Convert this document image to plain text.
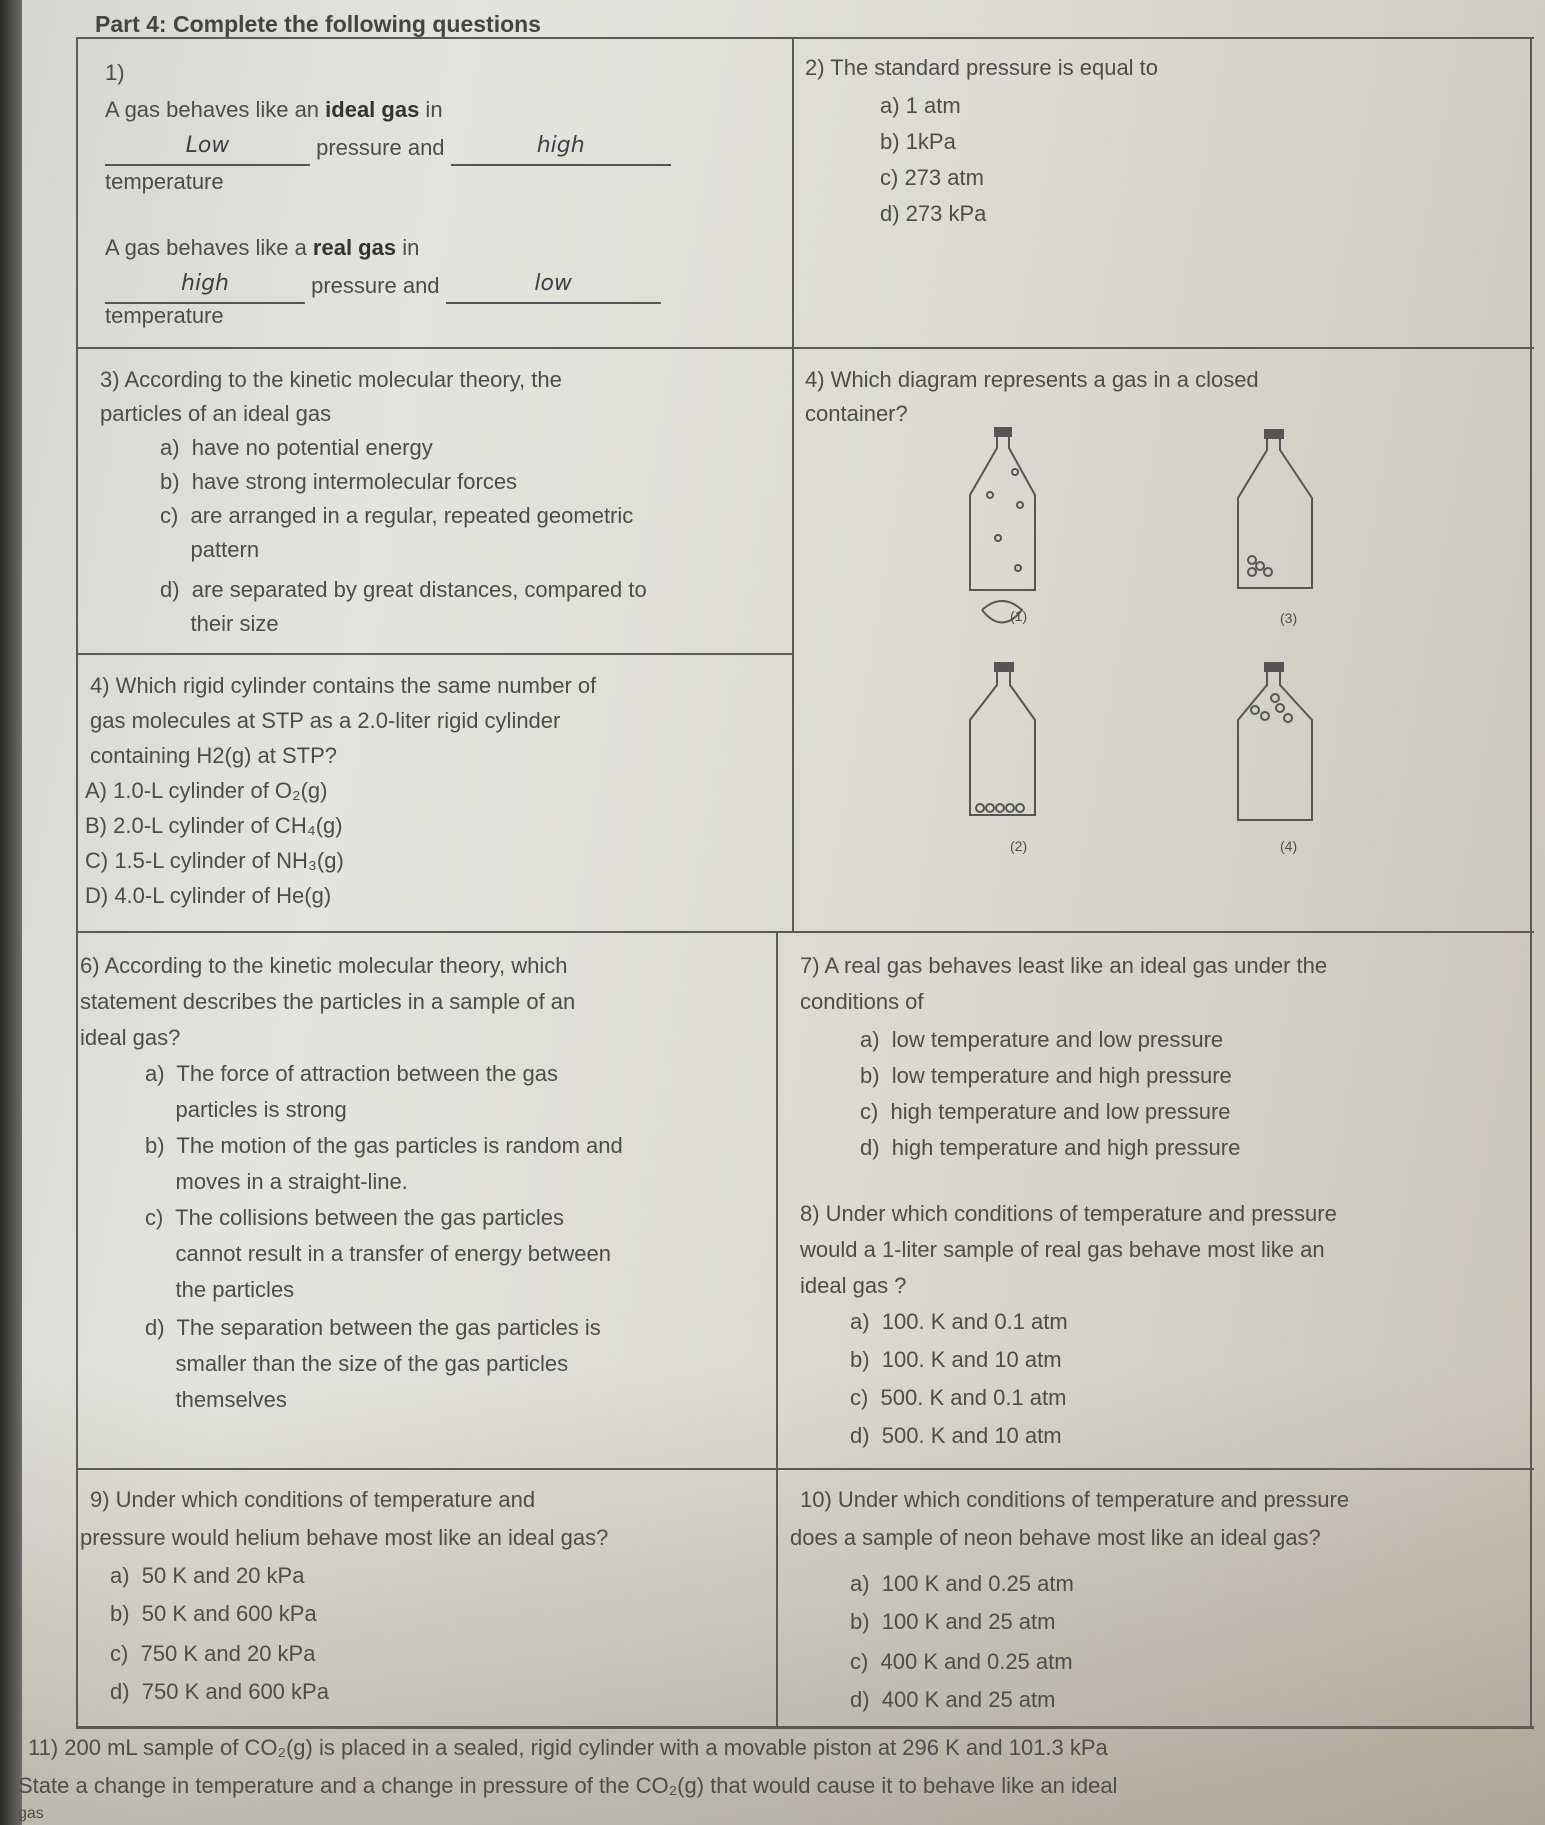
Part 4: Complete the following questions
1)
A gas behaves like an ideal gas in
Low	pressure and	high
temperature
A gas behaves like a real gas in
high	pressure and	low
temperature
2) The standard pressure is equal to
a) 1 atm
b) 1kPa
c) 273 atm
d) 273 kPa
3) According to the kinetic molecular theory, the
particles of an ideal gas
a)  have no potential energy
b)  have strong intermolecular forces
c)  are arranged in a regular, repeated geometric
pattern
d)  are separated by great distances, compared to
their size
4) Which diagram represents a gas in a closed
container?
(1)
(2)
(3)
(4)
4) Which rigid cylinder contains the same number of
gas molecules at STP as a 2.0-liter rigid cylinder
containing H2(g) at STP?
A) 1.0-L cylinder of O₂(g)
B) 2.0-L cylinder of CH₄(g)
C) 1.5-L cylinder of NH₃(g)
D) 4.0-L cylinder of He(g)
6) According to the kinetic molecular theory, which
statement describes the particles in a sample of an
ideal gas?
a)  The force of attraction between the gas
particles is strong
b)  The motion of the gas particles is random and
moves in a straight-line.
c)  The collisions between the gas particles
cannot result in a transfer of energy between
the particles
d)  The separation between the gas particles is
smaller than the size of the gas particles
themselves
7) A real gas behaves least like an ideal gas under the
conditions of
a)  low temperature and low pressure
b)  low temperature and high pressure
c)  high temperature and low pressure
d)  high temperature and high pressure
8) Under which conditions of temperature and pressure
would a 1-liter sample of real gas behave most like an
ideal gas ?
a)  100. K and 0.1 atm
b)  100. K and 10 atm
c)  500. K and 0.1 atm
d)  500. K and 10 atm
9) Under which conditions of temperature and
pressure would helium behave most like an ideal gas?
a)  50 K and 20 kPa
b)  50 K and 600 kPa
c)  750 K and 20 kPa
d)  750 K and 600 kPa
10) Under which conditions of temperature and pressure
does a sample of neon behave most like an ideal gas?
a)  100 K and 0.25 atm
b)  100 K and 25 atm
c)  400 K and 0.25 atm
d)  400 K and 25 atm
11) 200 mL sample of CO₂(g) is placed in a sealed, rigid cylinder with a movable piston at 296 K and 101.3 kPa
State a change in temperature and a change in pressure of the CO₂(g) that would cause it to behave like an ideal
gas
